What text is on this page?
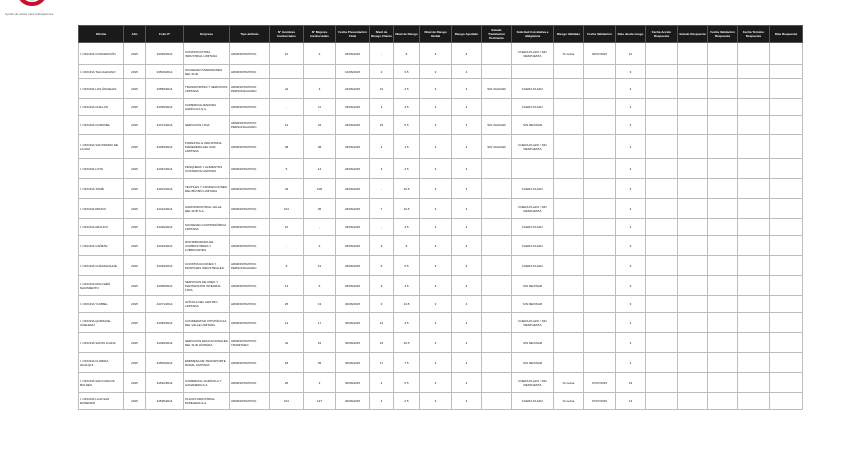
Ayuda de datos para trabajadores
Oficina	Año	Folio IT	Empresa	Tipo atributo	N° Hombres Involucrados	N° Mujeres Involucradas	Fecha Presentación Final	Nivel de Riesgo Cliente	Nivel de Riesgo	Nivel de Riesgo Global	Riesgo Ayudado	Estado Tramitación Pertinente	Solicitud Correlativa a obligatoria	Riesgo Validado	Fecha Validación	Días desde riesgo	Fecha Acción Respuesta	Estado Respuesta	Fecha Validación Respuesta	Fecha Término Respuesta	Días Respuesta
I. OFICINA CONCEPCIÓN	2015	23456/2014	CONSTRUCTORA INDUSTRIAL LIMITADA	ADMINISTRATIVO	10	3	26/06/2015	-	5	3	4		FUERA PLAZO / SIN RESPUESTA	Sí revisa	03/07/2015	12					
I. OFICINA TALCAHUANO	2015	23503/2014	SOCIEDAD INVERSIONES DEL SUR	ADMINISTRATIVO			10/06/2015	2	3.5	3	4					3					
I. OFICINA LOS ÁNGELES	2015	23556/2014	TRANSPORTES Y SERVICIOS LIMITADA	ADMINISTRATIVO PERSONALIZADO	44	3	24/06/2015	10	4.5	3	4	SIN VALIDAR	FUERA PLAZO			3					
I. OFICINA CHILLÁN	2015	44356/2014	COMERCIALIZADORA AGRÍCOLA S.A.	ADMINISTRATIVO	-	11	25/06/2015	3	4.5	3	4		FUERA PLAZO			3					
I. OFICINA CORONEL	2015	44371/2014	SERVICIOS LTDA.	ADMINISTRATIVO PERSONALIZADO	12	24	26/06/2015	15	5.5	3	4	SIN VALIDAR	SIN REVISAR			3					
I. OFICINA SAN PEDRO DE LA PAZ	2015	44384/2014	FORESTAL E INDUSTRIAL MADERERA DEL SUR LIMITADA	ADMINISTRATIVO	48	28	26/06/2015	4	1.5	3	4	SIN VALIDAR	FUERA PLAZO / SIN RESPUESTA			3					
I. OFICINA LOTA	2015	44397/2014	PESQUERA Y ALIMENTOS COSTEROS LIMITADA	ADMINISTRATIVO	5	14	26/06/2015	3	4.5	3	4					3					
I. OFICINA TOMÉ	2015	44401/2014	TEXTILES Y CONFECCIONES DEL BÍO BÍO LIMITADA	ADMINISTRATIVO	33	108	26/06/2015	-	10.5	3	4		FUERA PLAZO			3					
I. OFICINA PENCO	2015	44412/2014	AGROINDUSTRIAL VALLE DEL SUR S.A.	ADMINISTRATIVO	101	25	26/06/2015	7	10.5	3	4		FUERA PLAZO / SIN RESPUESTA			3					
I. OFICINA ARAUCO	2015	44420/2014	SOCIEDAD GASTRONÓMICA LIMITADA	ADMINISTRATIVO	10	-	26/06/2015	-	4.5	3	4		FUERA PLAZO			3					
I. OFICINA CAÑETE	2015	44433/2014	DISTRIBUIDORA DE COMBUSTIBLES Y LUBRICANTES	ADMINISTRATIVO	-	3	26/06/2015	3	5	3	4		FUERA PLAZO			3					
I. OFICINA CURANILAHUE	2015	44445/2014	CONSTRUCCIONES Y MONTAJES INDUSTRIALES	ADMINISTRATIVO PERSONALIZADO	5	14	26/06/2015	5	5.5	3	4		FUERA PLAZO			3					
I. OFICINA MULCHÉN NACIMIENTO	2015	44458/2014	SERVICIOS DE ASEO Y MANTENCIÓN INTEGRAL LTDA.	ADMINISTRATIVO	14	5	26/06/2015	3	4.5	3	4		SIN REVISAR			3					
I. OFICINA YUMBEL	2015	44471/2014	AVÍCOLA DEL CENTRO LIMITADA	ADMINISTRATIVO	25	13	30/06/2015	3	13.5	3	4		SIN REVISAR			3					
I. OFICINA QUIRIHUE-COELEMU	2015	44483/2014	COOPERATIVA VITIVINÍCOLA DEL VALLE LIMITADA	ADMINISTRATIVO	14	17	30/06/2015	12	4.5	3	4		FUERA PLAZO / SIN RESPUESTA			3					
I. OFICINA SANTA JUANA	2015	44496/2014	SERVICIOS EDUCACIONALES DEL SUR LIMITADA	ADMINISTRATIVO TRAMITADO	42	15	30/06/2015	15	10.5	3	4		SIN REVISAR			3					
I. OFICINA FLORIDA HUALQUI	2015	44509/2014	EMPRESA DE TRANSPORTE RURAL LIMITADA	ADMINISTRATIVO	18	25	30/06/2015	17	7.5	3	4		SIN REVISAR			3					
I. OFICINA SAN CARLOS BULNES	2015	44522/2014	COMERCIAL AGRÍCOLA Y GANADERA S.A.	ADMINISTRATIVO	25	3	30/06/2015	4	5.5	3	4		FUERA PLAZO / SIN RESPUESTA	Sí revisa	07/07/2015	19					
I. OFICINA LAJA SAN ROSENDO	2015	44535/2014	PLANTA INDUSTRIAL PAPELERA S.A.	ADMINISTRATIVO	101	127	30/06/2015	4	2.5	3	4		FUERA PLAZO	Sí revisa	07/07/2015	13					
